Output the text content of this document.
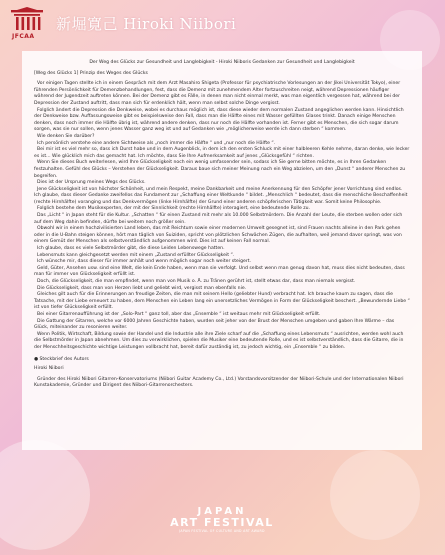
JFCAA
新堀寛己 Hiroki Niibori

Der Weg des Glücks zur Gesundheit und Langlebigkeit - Hiroki Niiboris Gedanken zur Gesundheit und Langlebigkeit

[Weg des Glücks 1] Prinzip des Weges des Glücks

Vor einigen Tagen stellte ich in einem Gespräch mit dem Arzt Masahiro Shigeta (Professor für psychiatrische Vorlesungen an der Jikei Universität Tokyo), einer führenden Persönlichkeit für Demenzbehandlungen, fest, dass die Demenz mit zunehmendem Alter fortzuschreiten neigt, während Depressionen häufiger während der Jugendzeit auftreten können. Bei der Demenz gibt es Fälle, in denen man nicht einmal merkt, was man eigentlich vergessen hat, während bei der Depression der Zustand auftritt, dass man sich für erdenklich hält, wenn man selbst solche Dinge vergisst.

Folglich ändert die Depression die Denkweise, wobei es durchaus möglich ist, dass diese wieder dem normalen Zustand angeglichen werden kann. Hinsichtlich der Denkweise bzw. Auffassungsweise gibt es beispielsweise den Fall, dass man die Hälfte eines mit Wasser gefüllten Glases trinkt. Danach einige Menschen denken, dass noch immer die Hälfte übrig ist, während andere denken, dass nur noch die Hälfte vorhanden ist. Ferner gibt es Menschen, die sich sogar darum sorgen, was sie nur sollen, wenn jenes Wasser ganz weg ist und auf Gedanken wie „möglicherweise werde ich dann sterben “ kommen.

Wie denken Sie darüber?

Ich persönlich verstehe eine andere Sichtweise als „noch immer die Hälfte “ und „nur noch die Hälfte “.

Bei mir ist es viel mehr so, dass ich Durst habe und in dem Augenblick, in dem ich den ersten Schluck mit einer halbleeren Kehle nehme, daran denke, wie lecker es ist... Wie glücklich mich das gemacht hat. Ich möchte, dass Sie Ihre Aufmerksamkeit auf jenes „Glücksgefühl “ richten.

Wenn Sie dieses Buch weiterlesen, wird Ihre Glückseligkeit noch ein wenig umfassender sein, sodass ich Sie gerne bitten möchte, es in Ihren Gedanken festzuhalten. Gefühl des Glücks – Verstehen der Glückseligkeit. Daraus baue sich meiner Meinung nach ein Weg abzielen, um den „Dunst “ anderer Menschen zu begreifen.

Dies ist der Ursprung meines Wegs des Glücks.

Jene Glückseligkeit ist von höchster Schönheit, und mein Respekt, meine Dankbarkeit und meine Anerkennung für den Schöpfer jener Vorrichtung sind endlos. Ich glaube, dass dieser Gedanke zweifellos das Fundament zur „Schaffung einer Weltkunde “ bildet. „Menschlich “ bedeutet, dass die menschliche Beschaffenheit (rechte Hirnhälfte) voranging und das Denkvermögen (linke Hirnhälfte) der Grund einer anderen schöpferischen Tätigkeit war. Somit keine Philosophie.

Folglich bestehe dem Musikexperten, der mit der Sinnlichkeit (rechte Hirnhälfte) interagiert, eine bedeutende Rolle zu.

Das „Licht “ in Japan steht für die Kultur. „Schatten “ für einen Zustand mit mehr als 10.000 Selbstmördern. Die Anzahl der Leute, die sterben wollen oder sich auf dem Weg dahin befinden, dürfte bei weitem noch größer sein.

Obwohl wir in einem hochzivilisierten Land leben, das mit Reichtum sowie einer modernen Umwelt gesegnet ist, sind Frauen nachts alleine in den Park gehen oder in die U-Bahn steigen können, hört man täglich von Suiziden, spricht von plötzlichen Schwächen Zügen, die aufhalten, weil jemand davor springt, was von einem Gemüt der Menschen als selbstverständlich aufgenommen wird. Dies ist auf keinen Fall normal.

Ich glaube, dass es viele Selbstmörder gibt, die diese Leiden Lebenswege hatten.

Lebensmuts kann gleichgesetzt werden mit einem „Zustand erfüllter Glückseligkeit “.

Ich wünsche mir, dass dieser für immer anhält und wenn möglich sogar noch weiter steigert.

Geld, Güter, Ansehen usw. sind eine Welt, die kein Ende haben, wenn man sie verfolgt. Und selbst wenn man genug davon hat, muss dies nicht bedeuten, dass man für immer von Glückseligkeit erfüllt ist.

Doch, die Glückseligkeit, die man empfindet, wenn man von Musik o. Ä. zu Tränen gerührt ist, stellt etwas dar, dass man niemals vergisst.

Die Glückseligkeit, dass man von Herzen liebt und geliebt wird, vergisst man ebenfalls nie.

Gleiches gilt auch für die Erinnerungen an freudige Zeiten, die man mit seinem Hello (geliebter Hund) verbracht hat. Ich brauche kaum zu sagen, dass die Tatsache, mit der Liebe erneuert zu haben, dem Menschen ein Leben lang ein unersetzliches Vermögen in Form der Glückseligkeit beschert. „Bewundernde Liebe “ ist von tiefer Glückseligkeit erfüllt.

Bei einer Gitarrenaufführung ist der „Solo-Part “ ganz toll, aber das „Ensemble “ ist weitaus mehr mit Glückseligkeit erfüllt.

Die Gattung der Gitarren, welche vor 6000 Jahren Geschichte haben, wurden seit jeher von der Brust der Menschen umgeben und gaben Ihre Wärme – das Glück, miteinander zu resonieren weiter.

Wenn Politik, Wirtschaft, Bildung sowie der Handel und die Industrie alle ihre Ziele scharf auf die „Schaffung eines Lebensmuts “ ausrichten, werden wohl auch die Selbstmörder in Japan abnehmen. Um dies zu verwirklichen, spielen die Musiker eine bedeutende Rolle, und es ist selbstverständlich, dass die Gitarre, die in der Menschheitsgeschichte wichtige Leistungen vollbracht hat, bereit dafür zuständig ist, zu jedoch wichtig, ein „Ensemble “ zu bilden.

● Steckbrief des Autors

Hiroki Niibori

Gründer des Hiroki Niibori Gitarren-Konservatoriums (Niibori Guitar Academy Co., Ltd.) Vorstandsvorsitzender der Niibori-Schule und der Internationalen Niibori Kunstakademie, Gründer und Dirigent des Niibori-Gitarrenorchesters.

JAPAN
ART FESTIVAL
JAPAN FESTIVAL OF CULTURE AND ART AWARD
